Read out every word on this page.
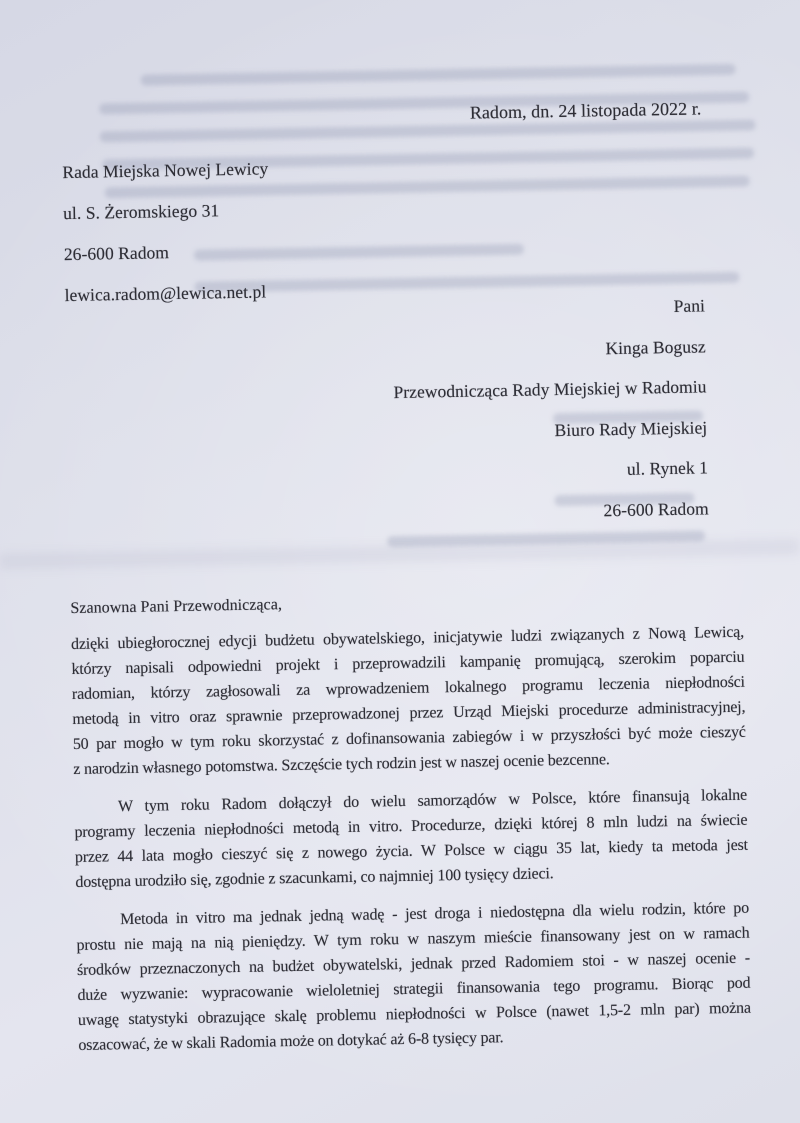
Radom, dn. 24 listopada 2022 r.
Rada Miejska Nowej Lewicy
ul. S. Żeromskiego 31
26-600 Radom
lewica.radom@lewica.net.pl
Pani
Kinga Bogusz
Przewodnicząca Rady Miejskiej w Radomiu
Biuro Rady Miejskiej
ul. Rynek 1
26-600 Radom
Szanowna Pani Przewodnicząca,
dzięki ubiegłorocznej edycji budżetu obywatelskiego, inicjatywie ludzi związanych z Nową Lewicą,
którzy napisali odpowiedni projekt i przeprowadzili kampanię promującą, szerokim poparciu
radomian, którzy zagłosowali za wprowadzeniem lokalnego programu leczenia niepłodności
metodą in vitro oraz sprawnie przeprowadzonej przez Urząd Miejski procedurze administracyjnej,
50 par mogło w tym roku skorzystać z dofinansowania zabiegów i w przyszłości być może cieszyć
z narodzin własnego potomstwa. Szczęście tych rodzin jest w naszej ocenie bezcenne.
W tym roku Radom dołączył do wielu samorządów w Polsce, które finansują lokalne
programy leczenia niepłodności metodą in vitro. Procedurze, dzięki której 8 mln ludzi na świecie
przez 44 lata mogło cieszyć się z nowego życia. W Polsce w ciągu 35 lat, kiedy ta metoda jest
dostępna urodziło się, zgodnie z szacunkami, co najmniej 100 tysięcy dzieci.
Metoda in vitro ma jednak jedną wadę - jest droga i niedostępna dla wielu rodzin, które po
prostu nie mają na nią pieniędzy. W tym roku w naszym mieście finansowany jest on w ramach
środków przeznaczonych na budżet obywatelski, jednak przed Radomiem stoi - w naszej ocenie -
duże wyzwanie: wypracowanie wieloletniej strategii finansowania tego programu. Biorąc pod
uwagę statystyki obrazujące skalę problemu niepłodności w Polsce (nawet 1,5-2 mln par) można
oszacować, że w skali Radomia może on dotykać aż 6-8 tysięcy par.
